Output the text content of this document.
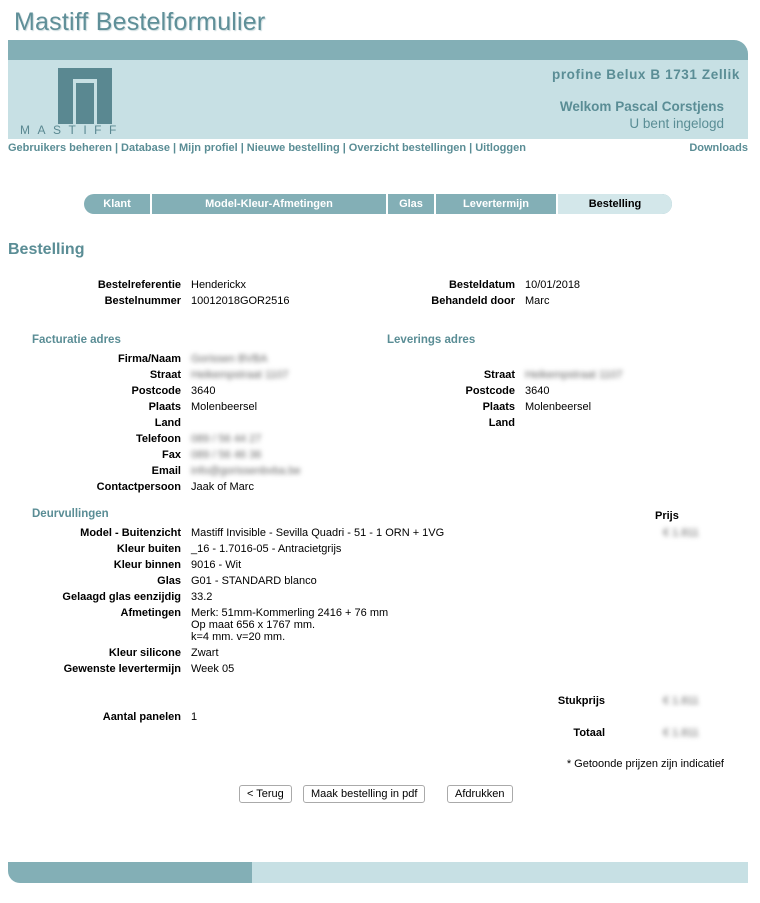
Mastiff Bestelformulier
MASTIFF
profine Belux B 1731 Zellik
Welkom Pascal Corstjens
U bent ingelogd
Gebruikers beheren | Database | Mijn profiel | Nieuwe bestelling | Overzicht bestellingen | Uitloggen	Downloads
Klant	Model-Kleur-Afmetingen	Glas	Levertermijn	Bestelling
Bestelling
Bestelreferentie Henderickx
Bestelnummer 10012018GOR2516
Besteldatum 10/01/2018
Behandeld door Marc
Facturatie adres
Firma/Naam Gorissen BVBA
Straat Heikempstraat 1107
Postcode 3640
Plaats Molenbeersel
Land
Telefoon 089 / 56 44 27
Fax 089 / 56 46 36
Email info@gorissenbvba.be
Contactpersoon Jaak of Marc
Leverings adres
Straat Heikempstraat 1107
Postcode 3640
Plaats Molenbeersel
Land
Deurvullingen	Prijs
Model - Buitenzicht Mastiff Invisible - Sevilla Quadri - 51 - 1 ORN + 1VG	€ 1.811
Kleur buiten _16 - 1.7016-05 - Antracietgrijs
Kleur binnen 9016 - Wit
Glas G01 - STANDARD blanco
Gelaagd glas eenzijdig 33.2
Afmetingen Merk: 51mm-Kommerling 2416 + 76 mm
Op maat 656 x 1767 mm.
k=4 mm. v=20 mm.
Kleur silicone Zwart
Gewenste levertermijn Week 05
Stukprijs	€ 1.811
Aantal panelen 1
Totaal	€ 1.811
* Getoonde prijzen zijn indicatief
< Terug	Maak bestelling in pdf	Afdrukken
